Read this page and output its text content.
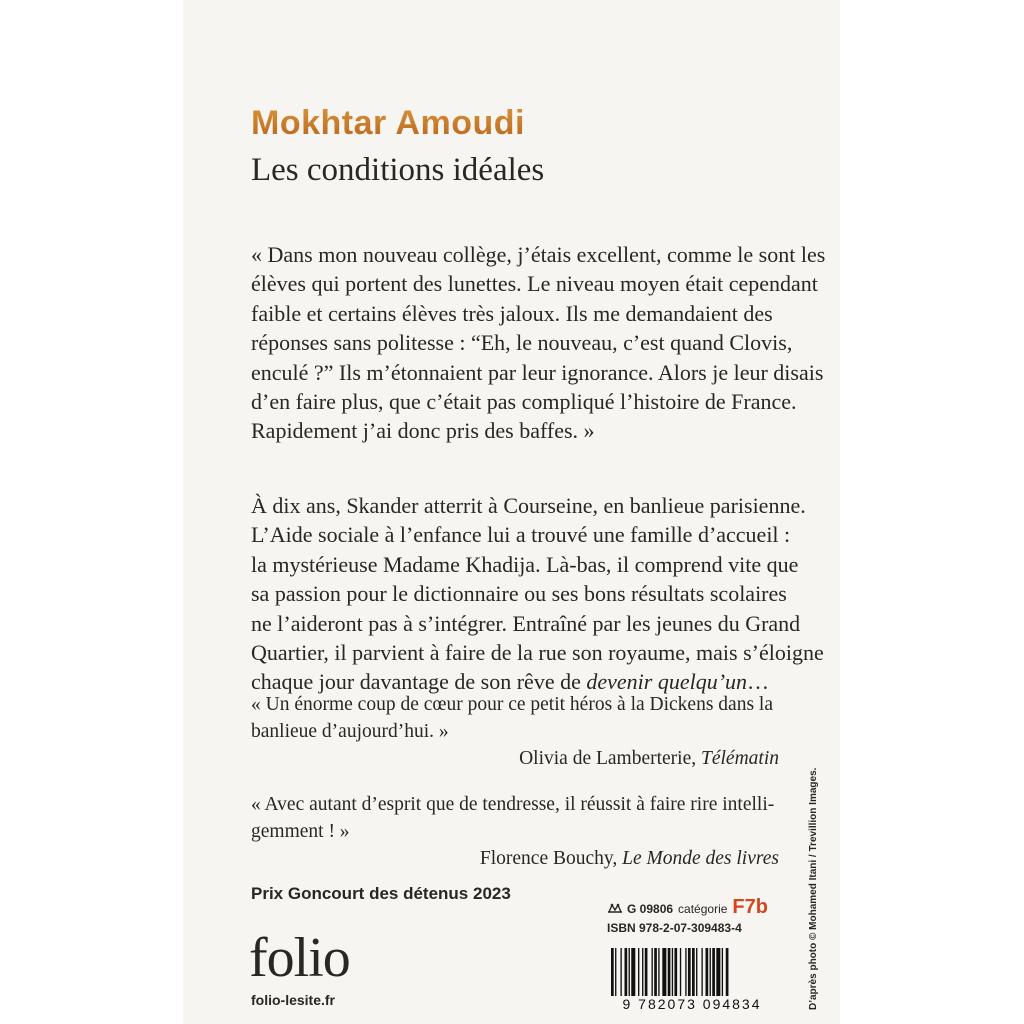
Mokhtar Amoudi
Les conditions idéales
« Dans mon nouveau collège, j’étais excellent, comme le sont les
élèves qui portent des lunettes. Le niveau moyen était cependant
faible et certains élèves très jaloux. Ils me demandaient des
réponses sans politesse : “Eh, le nouveau, c’est quand Clovis,
enculé ?” Ils m’étonnaient par leur ignorance. Alors je leur disais
d’en faire plus, que c’était pas compliqué l’histoire de France.
Rapidement j’ai donc pris des baffes. »
À dix ans, Skander atterrit à Courseine, en banlieue parisienne.
L’Aide sociale à l’enfance lui a trouvé une famille d’accueil :
la mystérieuse Madame Khadija. Là-bas, il comprend vite que
sa passion pour le dictionnaire ou ses bons résultats scolaires
ne l’aideront pas à s’intégrer. Entraîné par les jeunes du Grand
Quartier, il parvient à faire de la rue son royaume, mais s’éloigne
chaque jour davantage de son rêve de devenir quelqu’un…
« Un énorme coup de cœur pour ce petit héros à la Dickens dans la
banlieue d’aujourd’hui. »
Olivia de Lamberterie, Télématin
« Avec autant d’esprit que de tendresse, il réussit à faire rire intelli-
gemment ! »
Florence Bouchy, Le Monde des livres
Prix Goncourt des détenus 2023
folio
folio-lesite.fr
G 09806 catégorie F7b
ISBN 978-2-07-309483-4
9 782073 094834	D’après photo © Mohamed Itani / Trevillion Images.
